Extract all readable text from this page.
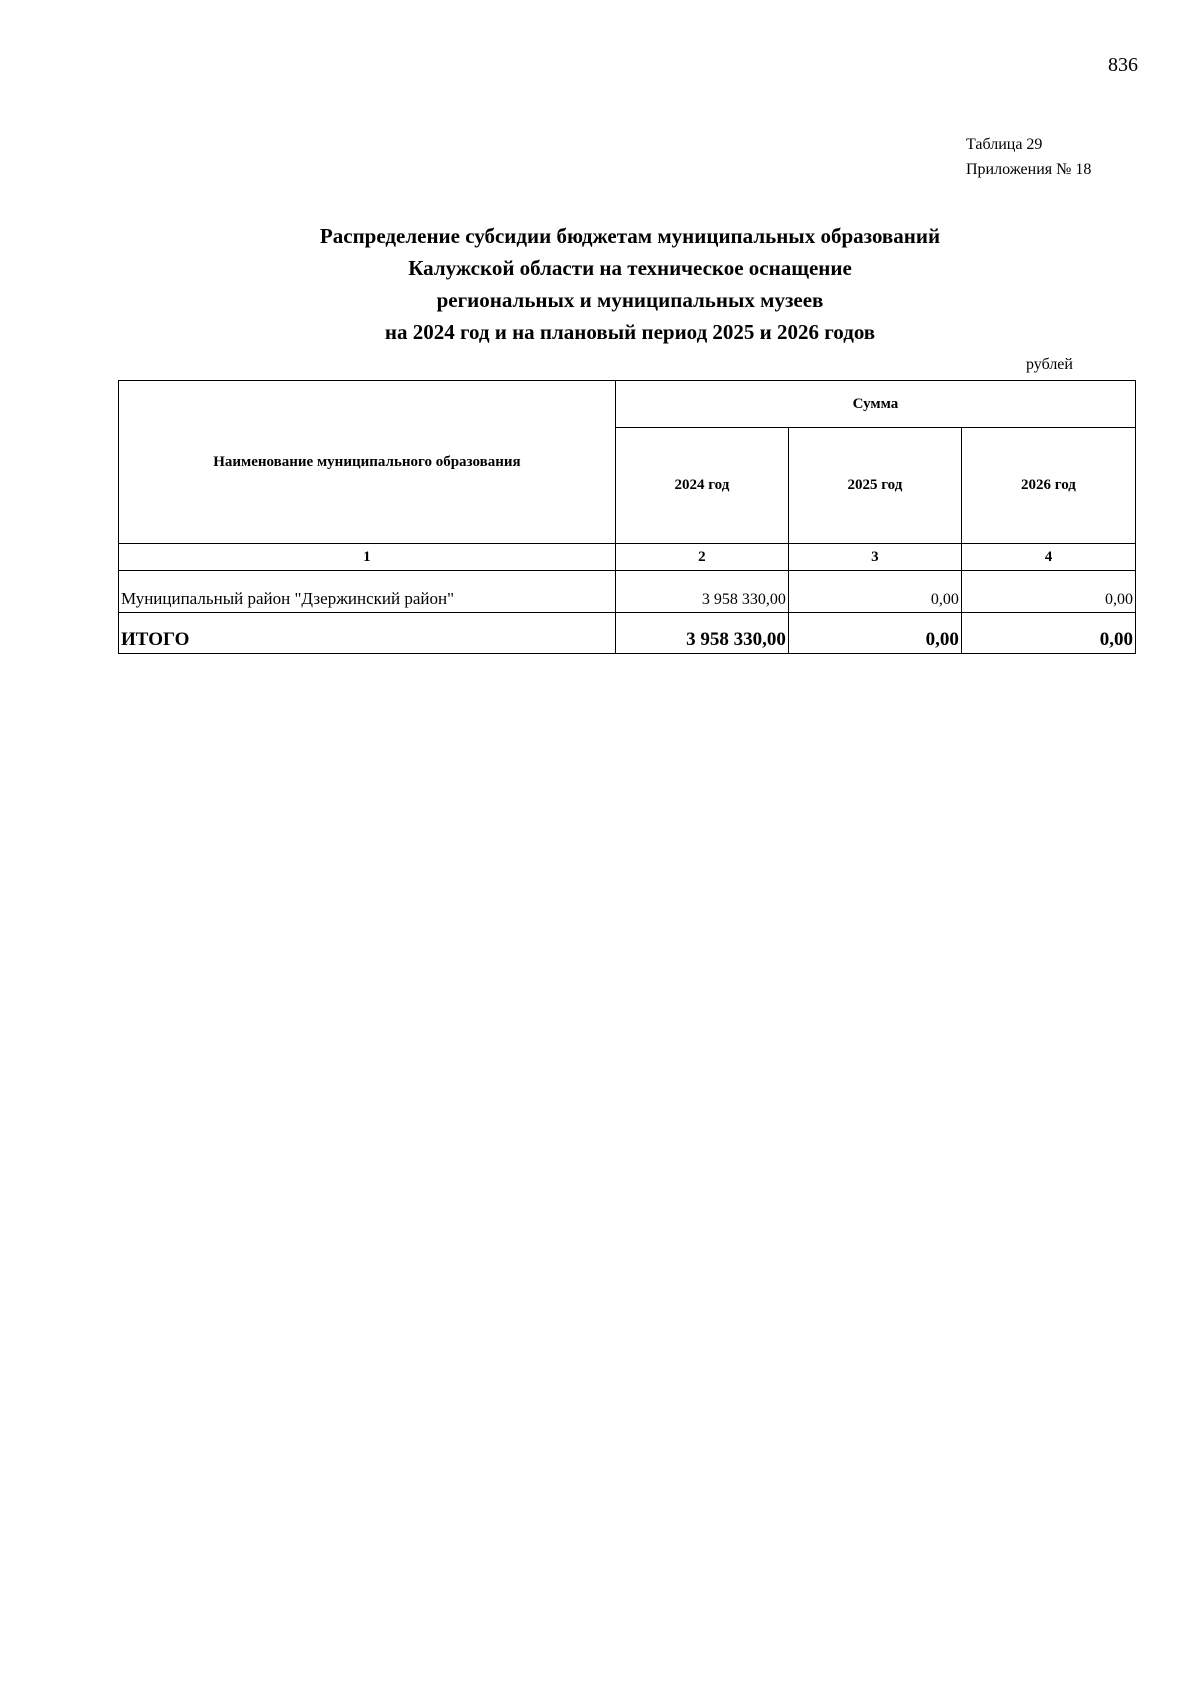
836
Таблица 29
Приложения № 18
Распределение субсидии бюджетам муниципальных образований
Калужской области на техническое оснащение
региональных и муниципальных музеев
на 2024 год и на плановый период 2025 и 2026 годов
рублей
Наименование муниципального образования	Сумма		
	2024 год	2025 год	2026 год
1	2	3	4
Муниципальный район "Дзержинский район"	3 958 330,00	0,00	0,00
ИТОГО	3 958 330,00	0,00	0,00
